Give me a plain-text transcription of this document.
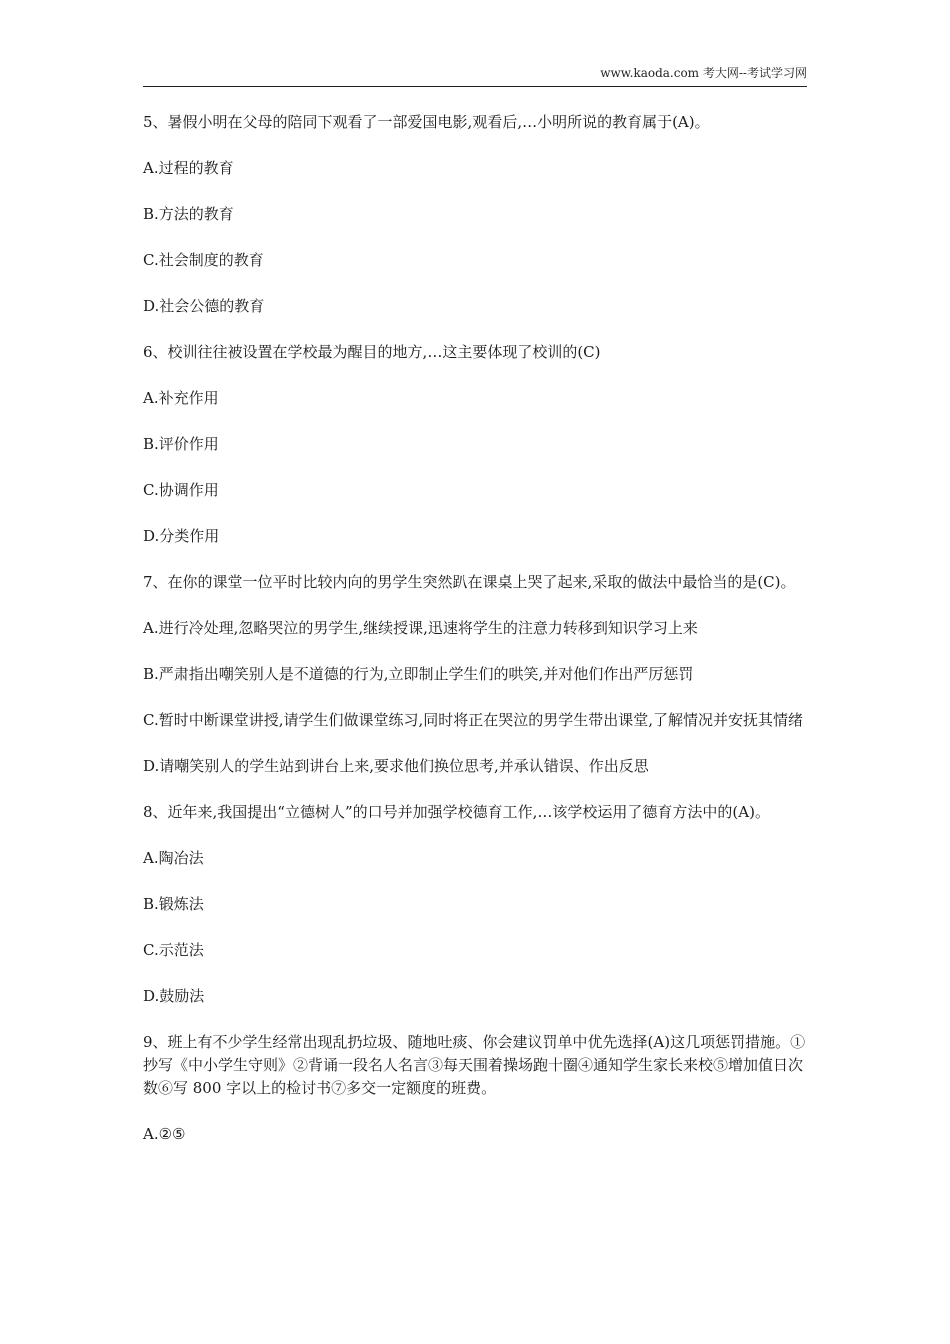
www.kaoda.com 考大网--考试学习网

5、暑假小明在父母的陪同下观看了一部爱国电影,观看后,…小明所说的教育属于(A)。

A.过程的教育

B.方法的教育

C.社会制度的教育

D.社会公德的教育

6、校训往往被设置在学校最为醒目的地方,…这主要体现了校训的(C)

A.补充作用

B.评价作用

C.协调作用

D.分类作用

7、在你的课堂一位平时比较内向的男学生突然趴在课桌上哭了起来,采取的做法中最恰当的是(C)。

A.进行冷处理,忽略哭泣的男学生,继续授课,迅速将学生的注意力转移到知识学习上来

B.严肃指出嘲笑别人是不道德的行为,立即制止学生们的哄笑,并对他们作出严厉惩罚

C.暂时中断课堂讲授,请学生们做课堂练习,同时将正在哭泣的男学生带出课堂,了解情况并安抚其情绪

D.请嘲笑别人的学生站到讲台上来,要求他们换位思考,并承认错误、作出反思

8、近年来,我国提出“立德树人”的口号并加强学校德育工作,…该学校运用了德育方法中的(A)。

A.陶冶法

B.锻炼法

C.示范法

D.鼓励法

9、班上有不少学生经常出现乱扔垃圾、随地吐痰、你会建议罚单中优先选择(A)这几项惩罚措施。①抄写《中小学生守则》②背诵一段名人名言③每天围着操场跑十圈④通知学生家长来校⑤增加值日次数⑥写 800 字以上的检讨书⑦多交一定额度的班费。

A.②⑤
